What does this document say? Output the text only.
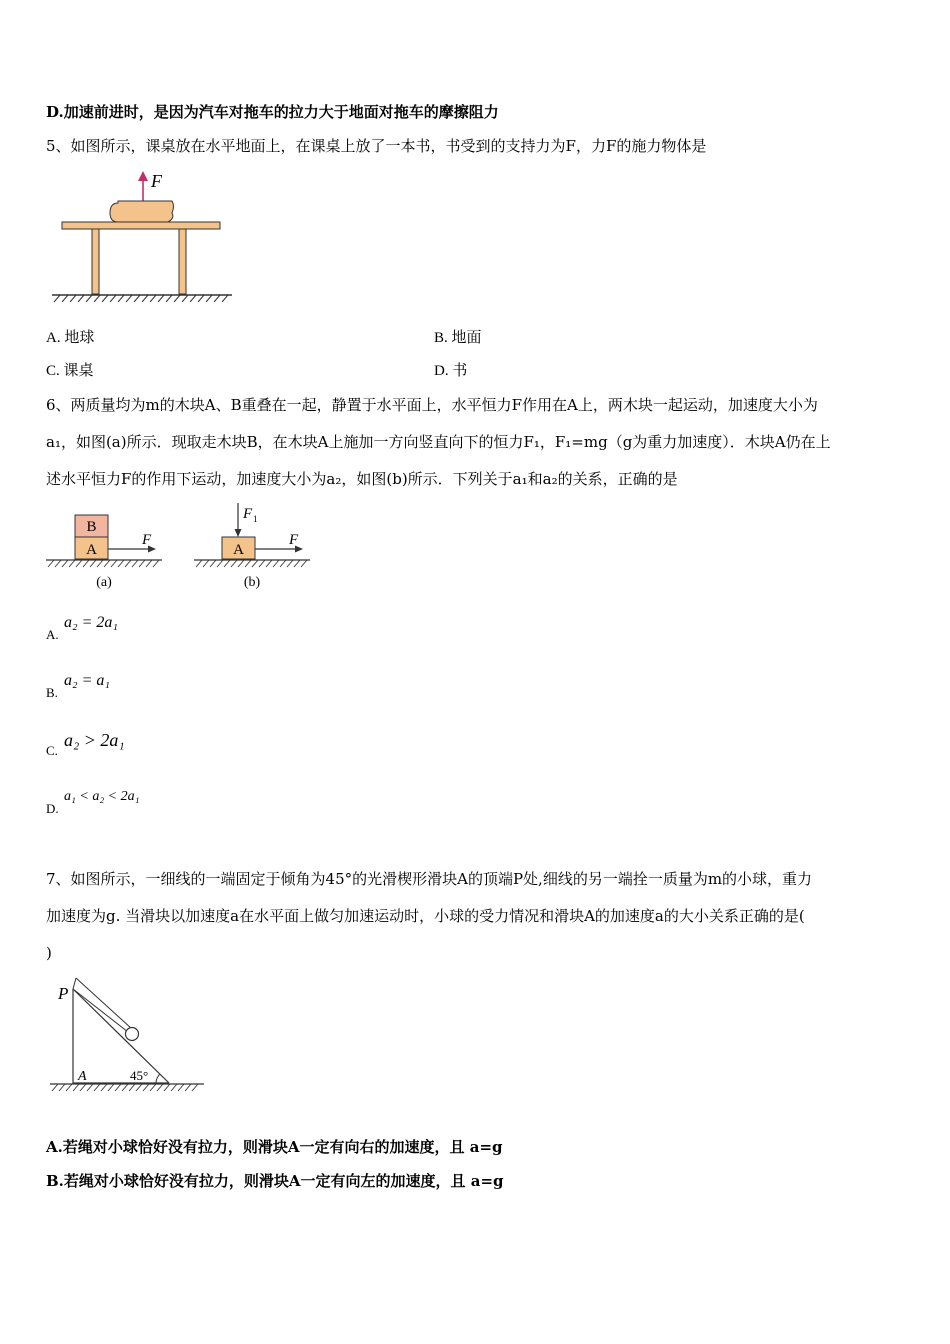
D.加速前进时，是因为汽车对拖车的拉力大于地面对拖车的摩擦阻力
5、如图所示，课桌放在水平地面上，在课桌上放了一本书，书受到的支持力为F，力F的施力物体是
F
A. 地球	B. 地面
C. 课桌	D. 书
6、两质量均为m的木块A、B重叠在一起，静置于水平面上，水平恒力F作用在A上，两木块一起运动，加速度大小为
a₁，如图(a)所示．现取走木块B，在木块A上施加一方向竖直向下的恒力F₁，F₁=mg（g为重力加速度）．木块A仍在上
述水平恒力F的作用下运动，加速度大小为a₂，如图(b)所示．下列关于a₁和a₂的关系，正确的是
B
A
F
(a)
F 1
A
F
(b)
A.
a₂ = 2a₁
B.
a₂ = a₁
C.
a₂ > 2a₁
D.
a₁ < a₂ < 2a₁
7、如图所示，一细线的一端固定于倾角为45°的光滑楔形滑块A的顶端P处,细线的另一端拴一质量为m的小球，重力
加速度为g. 当滑块以加速度a在水平面上做匀加速运动时，小球的受力情况和滑块A的加速度a的大小关系正确的是(
)
P
A	45°
A.若绳对小球恰好没有拉力，则滑块A一定有向右的加速度，且 a=g
B.若绳对小球恰好没有拉力，则滑块A一定有向左的加速度，且 a=g
